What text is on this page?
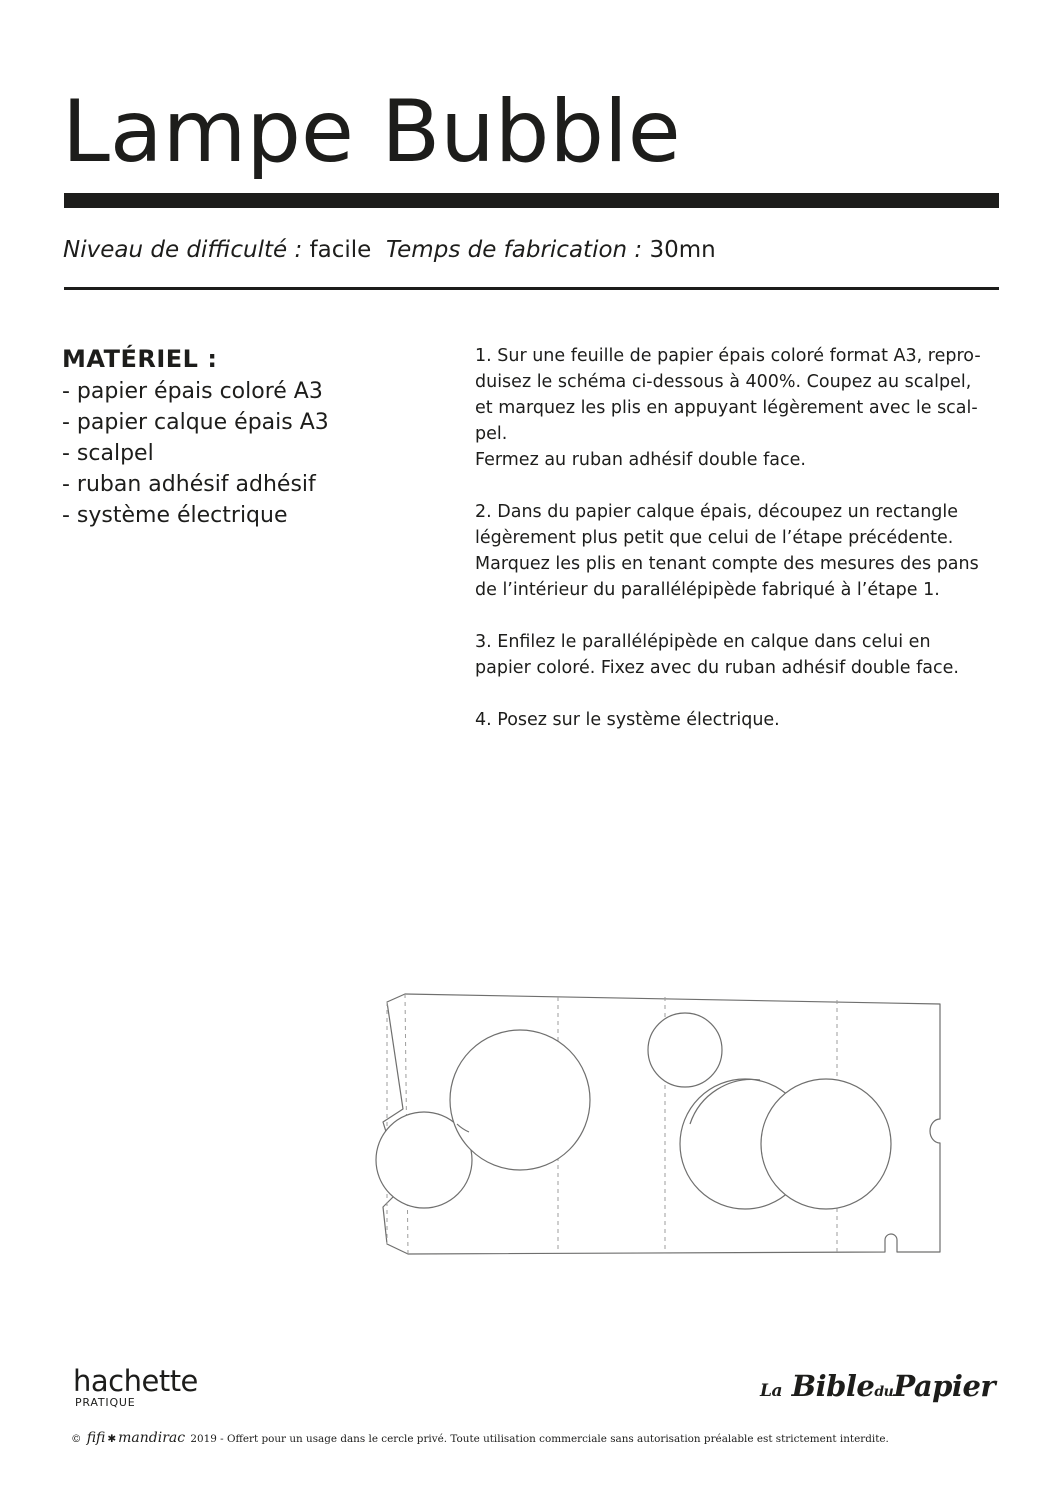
Lampe Bubble
Niveau de difficulté : facile Temps de fabrication : 30mn
MATÉRIEL :
- papier épais coloré A3
- papier calque épais A3
- scalpel
- ruban adhésif adhésif
- système électrique

1. Sur une feuille de papier épais coloré format A3, repro-
duisez le schéma ci-dessous à 400%. Coupez au scalpel,
et marquez les plis en appuyant légèrement avec le scal-
pel.
Fermez au ruban adhésif double face.

2. Dans du papier calque épais, découpez un rectangle
légèrement plus petit que celui de l’étape précédente.
Marquez les plis en tenant compte des mesures des pans
de l’intérieur du parallélépipède fabriqué à l’étape 1.

3. Enfilez le parallélépipède en calque dans celui en
papier coloré. Fixez avec du ruban adhésif double face.

4. Posez sur le système électrique.

hachette
PRATIQUE
La BibleduPapier
© fifi ✱ mandirac 2019 - Offert pour un usage dans le cercle privé. Toute utilisation commerciale sans autorisation préalable est strictement interdite.
